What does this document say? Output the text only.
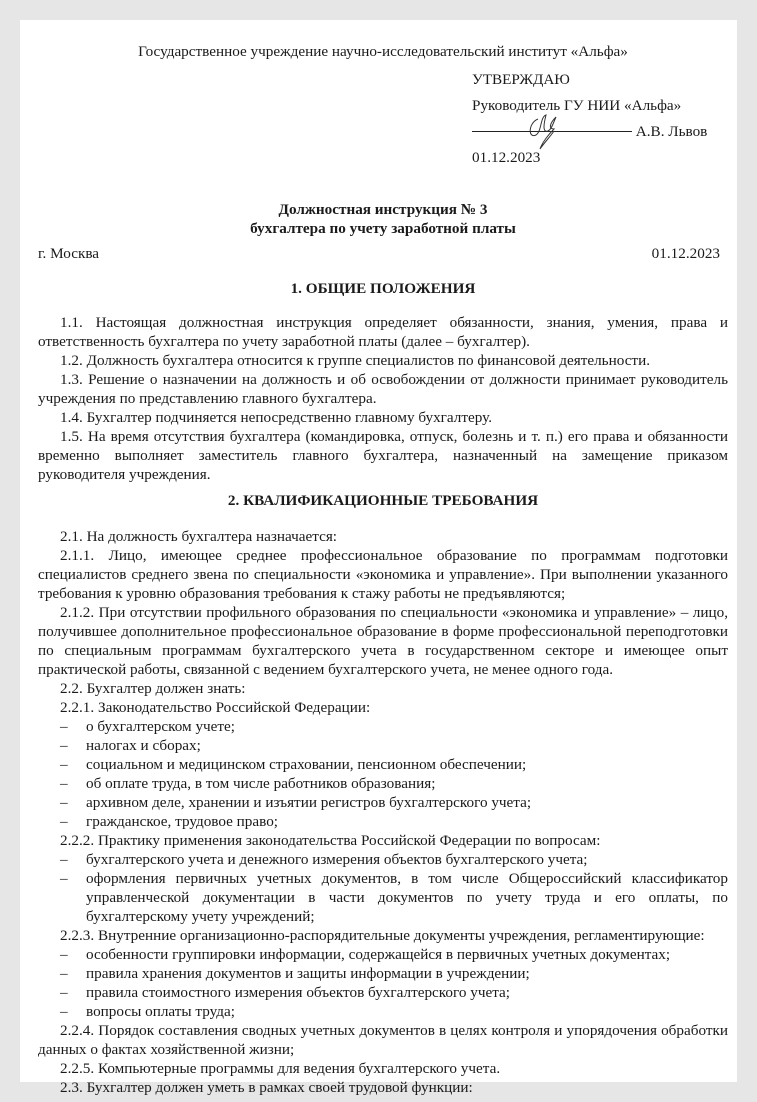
Государственное учреждение научно-исследовательский институт «Альфа»
УТВЕРЖДАЮ
Руководитель ГУ НИИ «Альфа»
А.В. Львов
01.12.2023
Должностная инструкция № 3
бухгалтера по учету заработной платы
г. Москва	01.12.2023
1. ОБЩИЕ ПОЛОЖЕНИЯ

1.1. Настоящая должностная инструкция определяет обязанности, знания, умения, права и ответственность бухгалтера по учету заработной платы (далее – бухгалтер).

1.2. Должность бухгалтера относится к группе специалистов по финансовой деятельности.

1.3. Решение о назначении на должность и об освобождении от должности принимает руководитель учреждения по представлению главного бухгалтера.

1.4. Бухгалтер подчиняется непосредственно главному бухгалтеру.

1.5. На время отсутствия бухгалтера (командировка, отпуск, болезнь и т. п.) его права и обязанности временно выполняет заместитель главного бухгалтера, назначенный на замещение приказом руководителя учреждения.

2. КВАЛИФИКАЦИОННЫЕ ТРЕБОВАНИЯ

2.1. На должность бухгалтера назначается:

2.1.1. Лицо, имеющее среднее профессиональное образование по программам подготовки специалистов среднего звена по специальности «экономика и управление». При выполнении указанного требования к уровню образования требования к стажу работы не предъявляются;

2.1.2. При отсутствии профильного образования по специальности «экономика и управление» – лицо, получившее дополнительное профессиональное образование в форме профессиональной переподготовки по специальным программам бухгалтерского учета в государственном секторе и имеющее опыт практической работы, связанной с ведением бухгалтерского учета, не менее одного года.

2.2. Бухгалтер должен знать:

2.2.1. Законодательство Российской Федерации:

– о бухгалтерском учете;

– налогах и сборах;

– социальном и медицинском страховании, пенсионном обеспечении;

– об оплате труда, в том числе работников образования;

– архивном деле, хранении и изъятии регистров бухгалтерского учета;

– гражданское, трудовое право;

2.2.2. Практику применения законодательства Российской Федерации по вопросам:

– бухгалтерского учета и денежного измерения объектов бухгалтерского учета;

– оформления первичных учетных документов, в том числе Общероссийский классификатор управленческой документации в части документов по учету труда и его оплаты, по бухгалтерскому учету учреждений;

2.2.3. Внутренние организационно-распорядительные документы учреждения, регламентирующие:

– особенности группировки информации, содержащейся в первичных учетных документах;

– правила хранения документов и защиты информации в учреждении;

– правила стоимостного измерения объектов бухгалтерского учета;

– вопросы оплаты труда;

2.2.4. Порядок составления сводных учетных документов в целях контроля и упорядочения обработки данных о фактах хозяйственной жизни;

2.2.5. Компьютерные программы для ведения бухгалтерского учета.

2.3. Бухгалтер должен уметь в рамках своей трудовой функции:
